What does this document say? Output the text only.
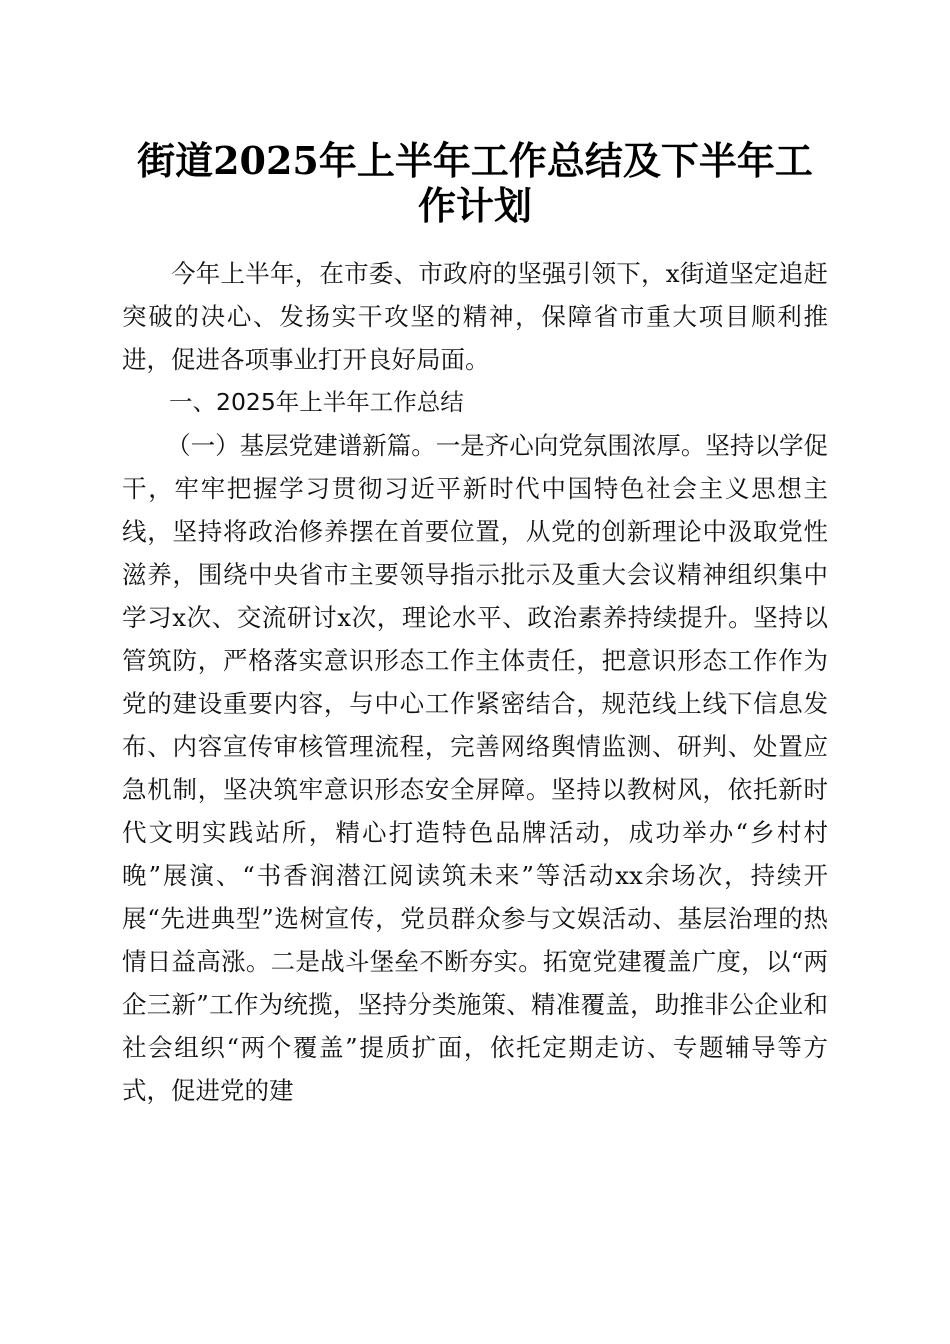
街道2025年上半年工作总结及下半年工作计划

今年上半年，在市委、市政府的坚强引领下，x街道坚定追赶突破的决心、发扬实干攻坚的精神，保障省市重大项目顺利推进，促进各项事业打开良好局面。

一、2025年上半年工作总结

（一）基层党建谱新篇。一是齐心向党氛围浓厚。坚持以学促干，牢牢把握学习贯彻习近平新时代中国特色社会主义思想主线，坚持将政治修养摆在首要位置，从党的创新理论中汲取党性滋养，围绕中央省市主要领导指示批示及重大会议精神组织集中学习x次、交流研讨x次，理论水平、政治素养持续提升。坚持以管筑防，严格落实意识形态工作主体责任，把意识形态工作作为党的建设重要内容，与中心工作紧密结合，规范线上线下信息发布、内容宣传审核管理流程，完善网络舆情监测、研判、处置应急机制，坚决筑牢意识形态安全屏障。坚持以教树风，依托新时代文明实践站所，精心打造特色品牌活动，成功举办“乡村村晚”展演、“书香润潜江阅读筑未来”等活动xx余场次，持续开展“先进典型”选树宣传，党员群众参与文娱活动、基层治理的热情日益高涨。二是战斗堡垒不断夯实。拓宽党建覆盖广度，以“两企三新”工作为统揽，坚持分类施策、精准覆盖，助推非公企业和社会组织“两个覆盖”提质扩面，依托定期走访、专题辅导等方式，促进党的建
